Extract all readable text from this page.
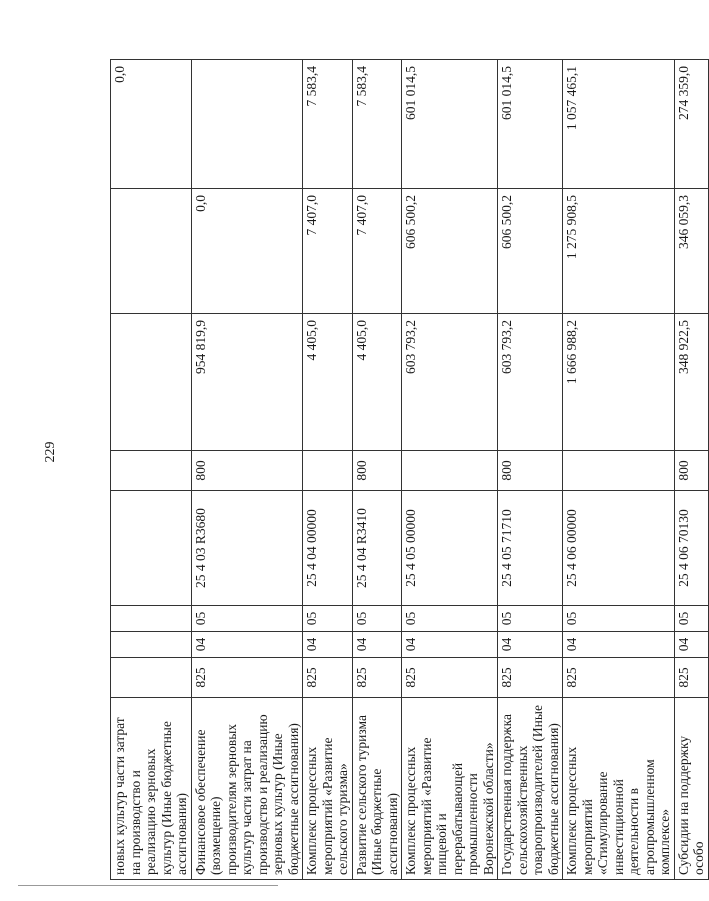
229
новых культур части затрат на производство и реализацию зерновых культур (Иные бюджетные ассигнования)								0,0
Финансовое обеспечение (возмещение) производителям зерновых культур части затрат на производство и реализацию зерновых культур (Иные бюджетные ассигнования)	825	04	05	25 4 03 R3680	800	954 819,9	0,0	
Комплекс процессных мероприятий «Развитие сельского туризма»	825	04	05	25 4 04 00000		4 405,0	7 407,0	7 583,4
Развитие сельского туризма (Иные бюджетные ассигнования)	825	04	05	25 4 04 R3410	800	4 405,0	7 407,0	7 583,4
Комплекс процессных мероприятий «Развитие пищевой и перерабатывающей промышленности Воронежской области»	825	04	05	25 4 05 00000		603 793,2	606 500,2	601 014,5
Государственная поддержка сельскохозяйственных товаропроизводителей (Иные бюджетные ассигнования)	825	04	05	25 4 05 71710	800	603 793,2	606 500,2	601 014,5
Комплекс процессных мероприятий «Стимулирование инвестиционной деятельности в агропромышленном комплексе»	825	04	05	25 4 06 00000		1 666 988,2	1 275 908,5	1 057 465,1
Субсидии на поддержку особо	825	04	05	25 4 06 70130	800	348 922,5	346 059,3	274 359,0
